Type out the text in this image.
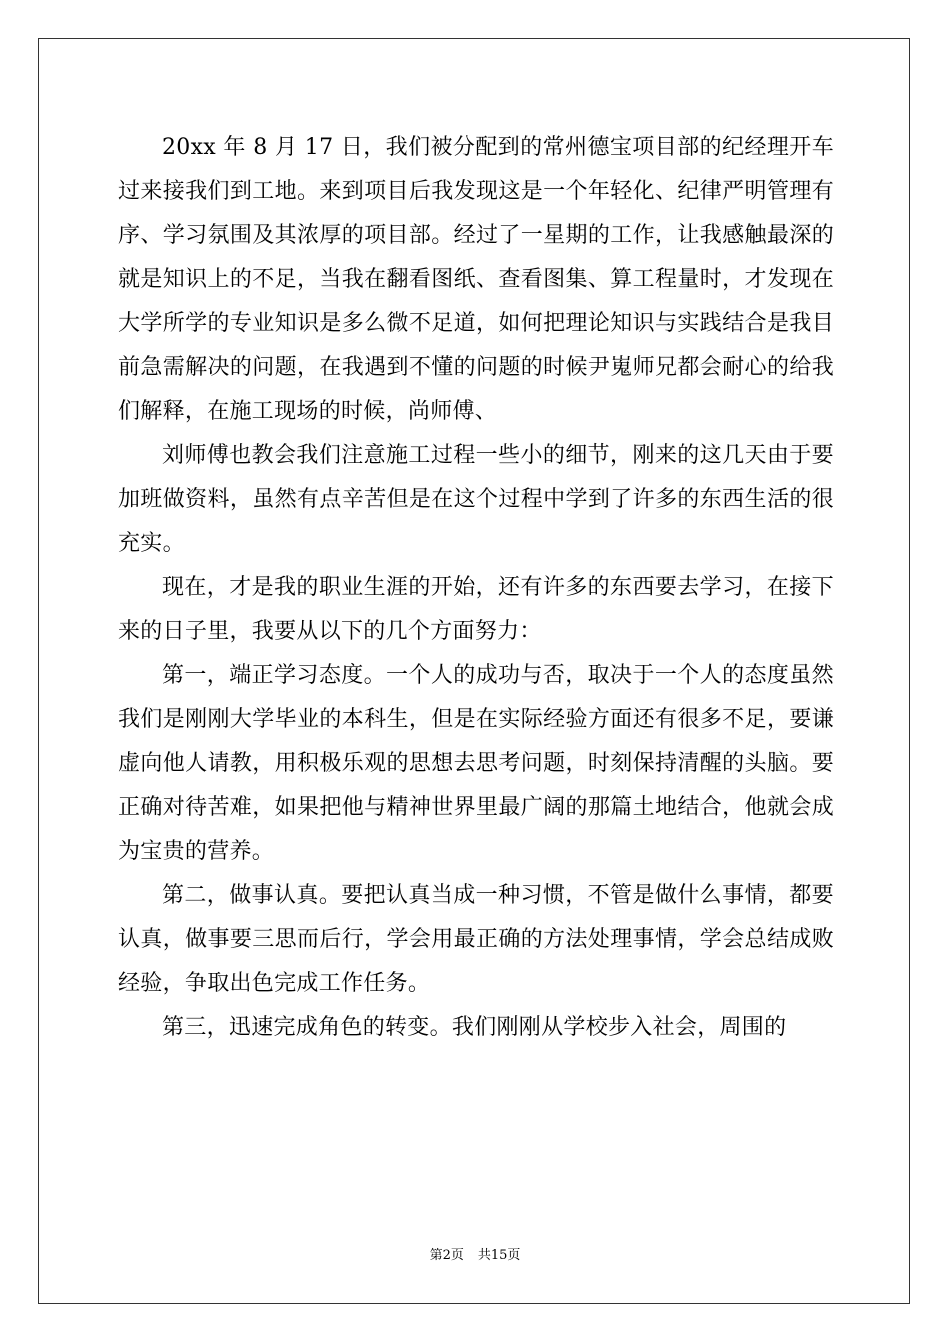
20xx 年 8 月 17 日，我们被分配到的常州德宝项目部的纪经理开车过来接我们到工地。来到项目后我发现这是一个年轻化、纪律严明管理有序、学习氛围及其浓厚的项目部。经过了一星期的工作，让我感触最深的就是知识上的不足，当我在翻看图纸、查看图集、算工程量时，才发现在大学所学的专业知识是多么微不足道，如何把理论知识与实践结合是我目前急需解决的问题，在我遇到不懂的问题的时候尹嵬师兄都会耐心的给我们解释，在施工现场的时候，尚师傅、

刘师傅也教会我们注意施工过程一些小的细节，刚来的这几天由于要加班做资料，虽然有点辛苦但是在这个过程中学到了许多的东西生活的很充实。

现在，才是我的职业生涯的开始，还有许多的东西要去学习，在接下来的日子里，我要从以下的几个方面努力：

第一，端正学习态度。一个人的成功与否，取决于一个人的态度虽然我们是刚刚大学毕业的本科生，但是在实际经验方面还有很多不足，要谦虚向他人请教，用积极乐观的思想去思考问题，时刻保持清醒的头脑。要正确对待苦难，如果把他与精神世界里最广阔的那篇土地结合，他就会成为宝贵的营养。

第二，做事认真。要把认真当成一种习惯，不管是做什么事情，都要认真，做事要三思而后行，学会用最正确的方法处理事情，学会总结成败经验，争取出色完成工作任务。

第三，迅速完成角色的转变。我们刚刚从学校步入社会，周围的

第2页 共15页
